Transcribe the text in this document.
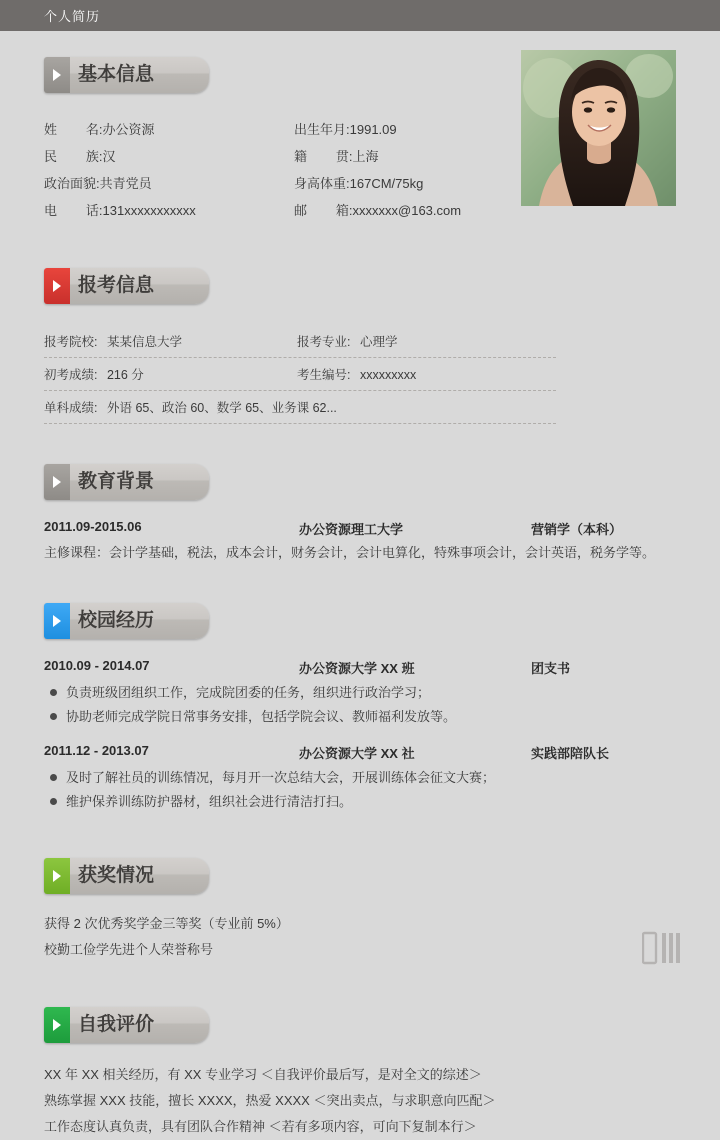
个人简历
基本信息
姓        名: 办公资源	出生年月: 1991.09
民        族: 汉	籍        贯: 上海
政治面貌: 共青党员	身高体重: 167CM/75kg
电        话: 131xxxxxxxxxxx	邮        箱: xxxxxxx@163.com
报考信息
报考院校: 某某信息大学	报考专业: 心理学
初考成绩: 216 分	考生编号: xxxxxxxxx
单科成绩: 外语 65、政治 60、数学 65、业务课 62...
教育背景
2011.09-2015.06	办公资源理工大学	营销学（本科）
主修课程：会计学基础，税法，成本会计，财务会计，会计电算化，特殊事项会计，会计英语，税务学等。
校园经历
2010.09 - 2014.07	办公资源大学 XX 班	团支书
负责班级团组织工作，完成院团委的任务，组织进行政治学习；
协助老师完成学院日常事务安排，包括学院会议、教师福利发放等。
2011.12 - 2013.07	办公资源大学 XX 社	实践部陪队长
及时了解社员的训练情况，每月开一次总结大会，开展训练体会征文大赛；
维护保养训练防护器材，组织社会进行清洁打扫。
获奖情况
获得 2 次优秀奖学金三等奖（专业前 5%）
校勤工俭学先进个人荣誉称号
自我评价
XX 年 XX 相关经历，有 XX 专业学习 ＜自我评价最后写，是对全文的综述＞
熟练掌握 XXX 技能，擅长 XXXX，热爱 XXXX ＜突出卖点，与求职意向匹配＞
工作态度认真负责，具有团队合作精神 ＜若有多项内容，可向下复制本行＞
